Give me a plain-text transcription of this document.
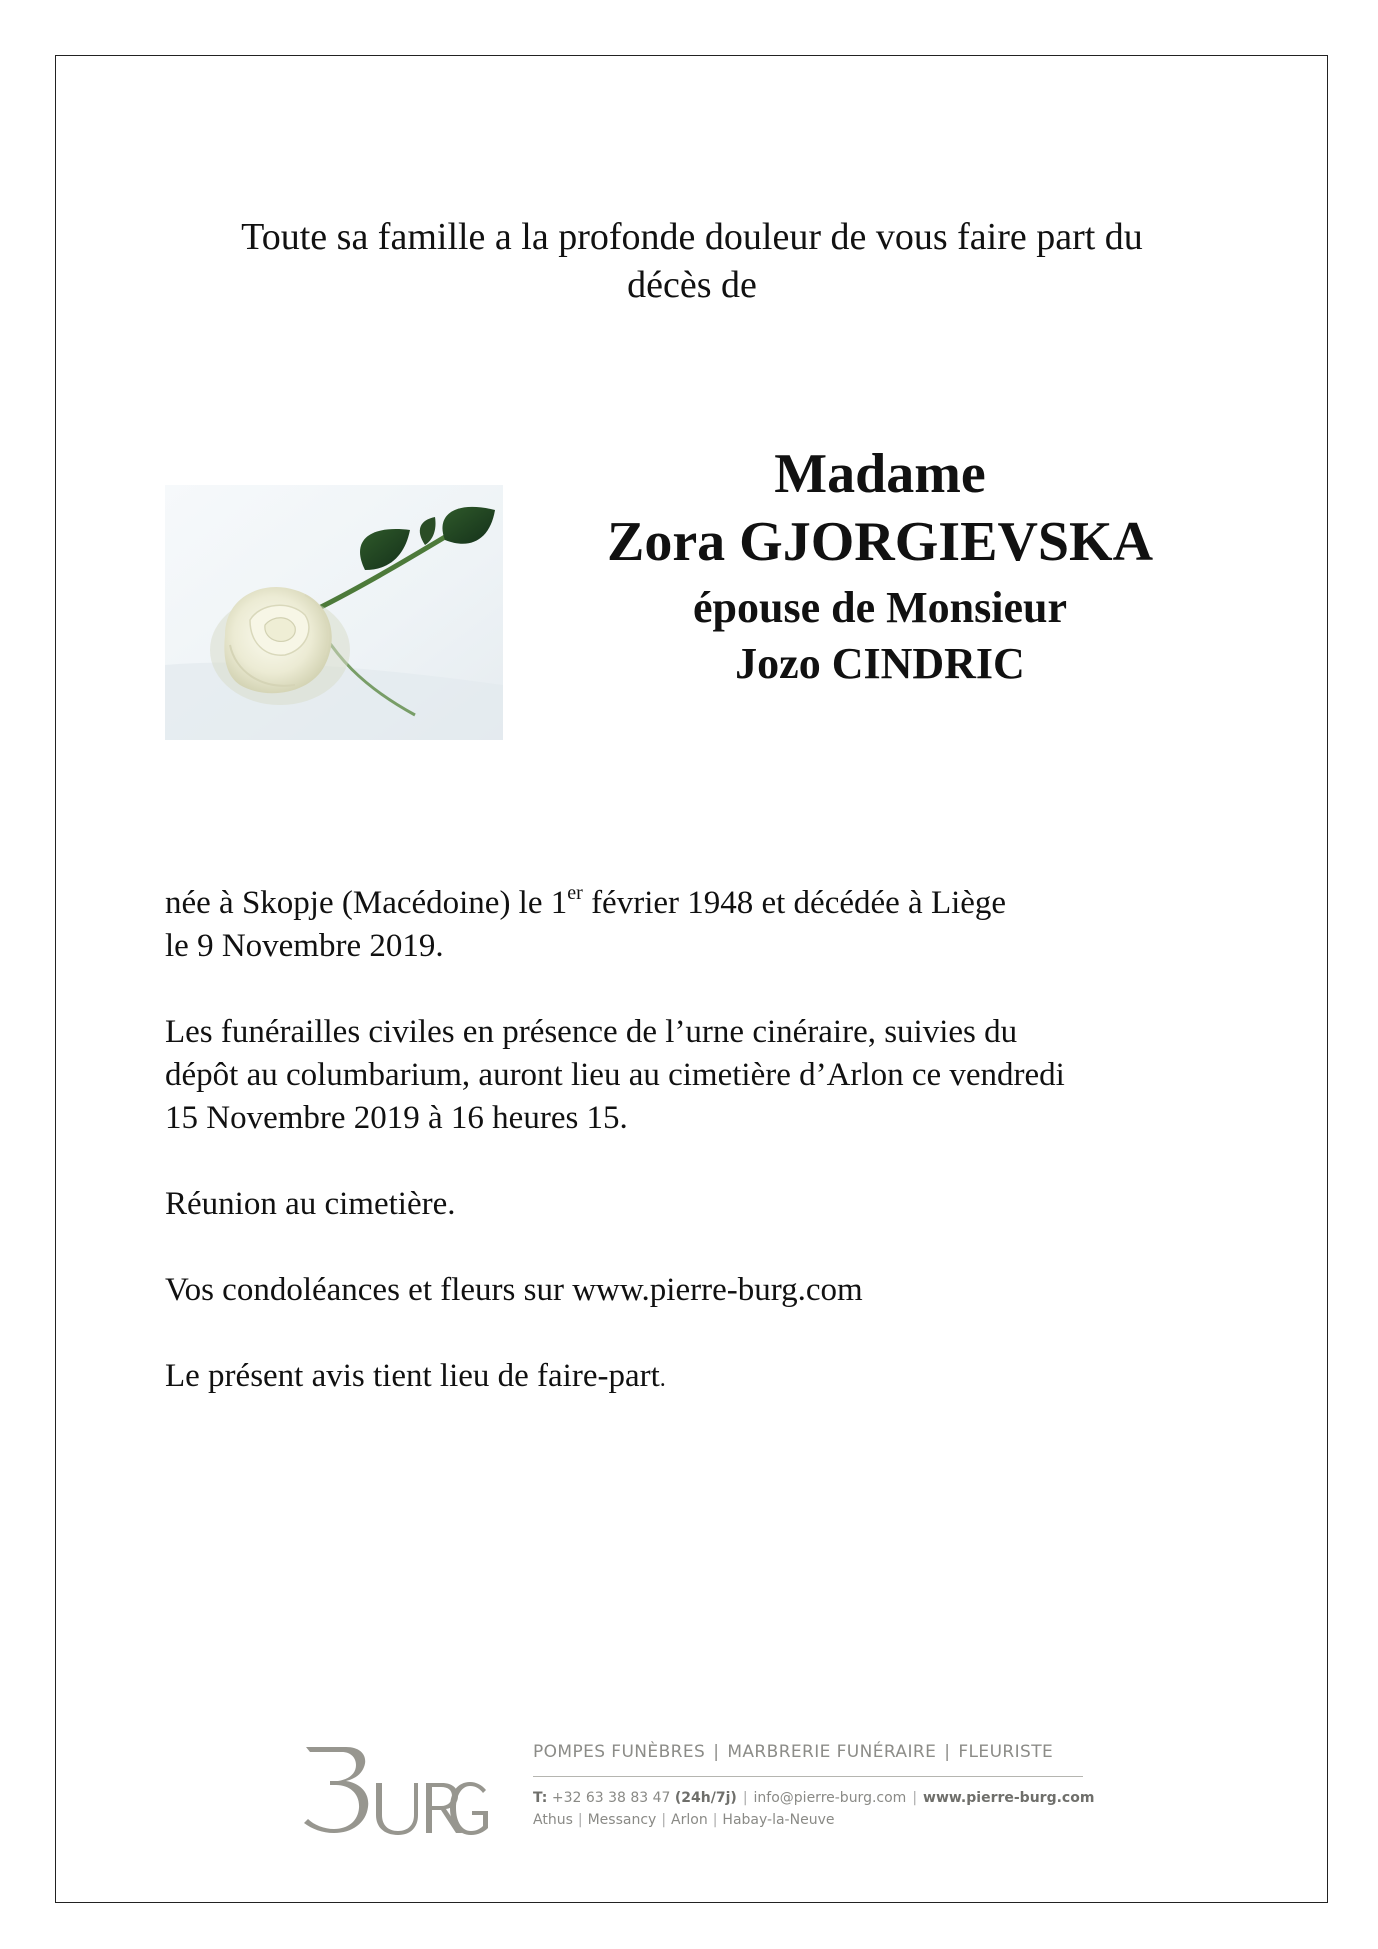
Toute sa famille a la profonde douleur de vous faire part du
décès de
Madame
Zora GJORGIEVSKA
épouse de Monsieur
Jozo CINDRIC

née à Skopje (Macédoine) le 1er février 1948 et décédée à Liège
le 9 Novembre 2019.

Les funérailles civiles en présence de l’urne cinéraire, suivies du
dépôt au columbarium, auront lieu au cimetière d’Arlon ce vendredi
15 Novembre 2019 à 16 heures 15.

Réunion au cimetière.

Vos condoléances et fleurs sur www.pierre-burg.com

Le présent avis tient lieu de faire-part.

POMPES FUNÈBRES | MARBRERIE FUNÉRAIRE | FLEURISTE
T: +32 63 38 83 47 (24h/7j) | info@pierre-burg.com | www.pierre-burg.com
Athus | Messancy | Arlon | Habay-la-Neuve
